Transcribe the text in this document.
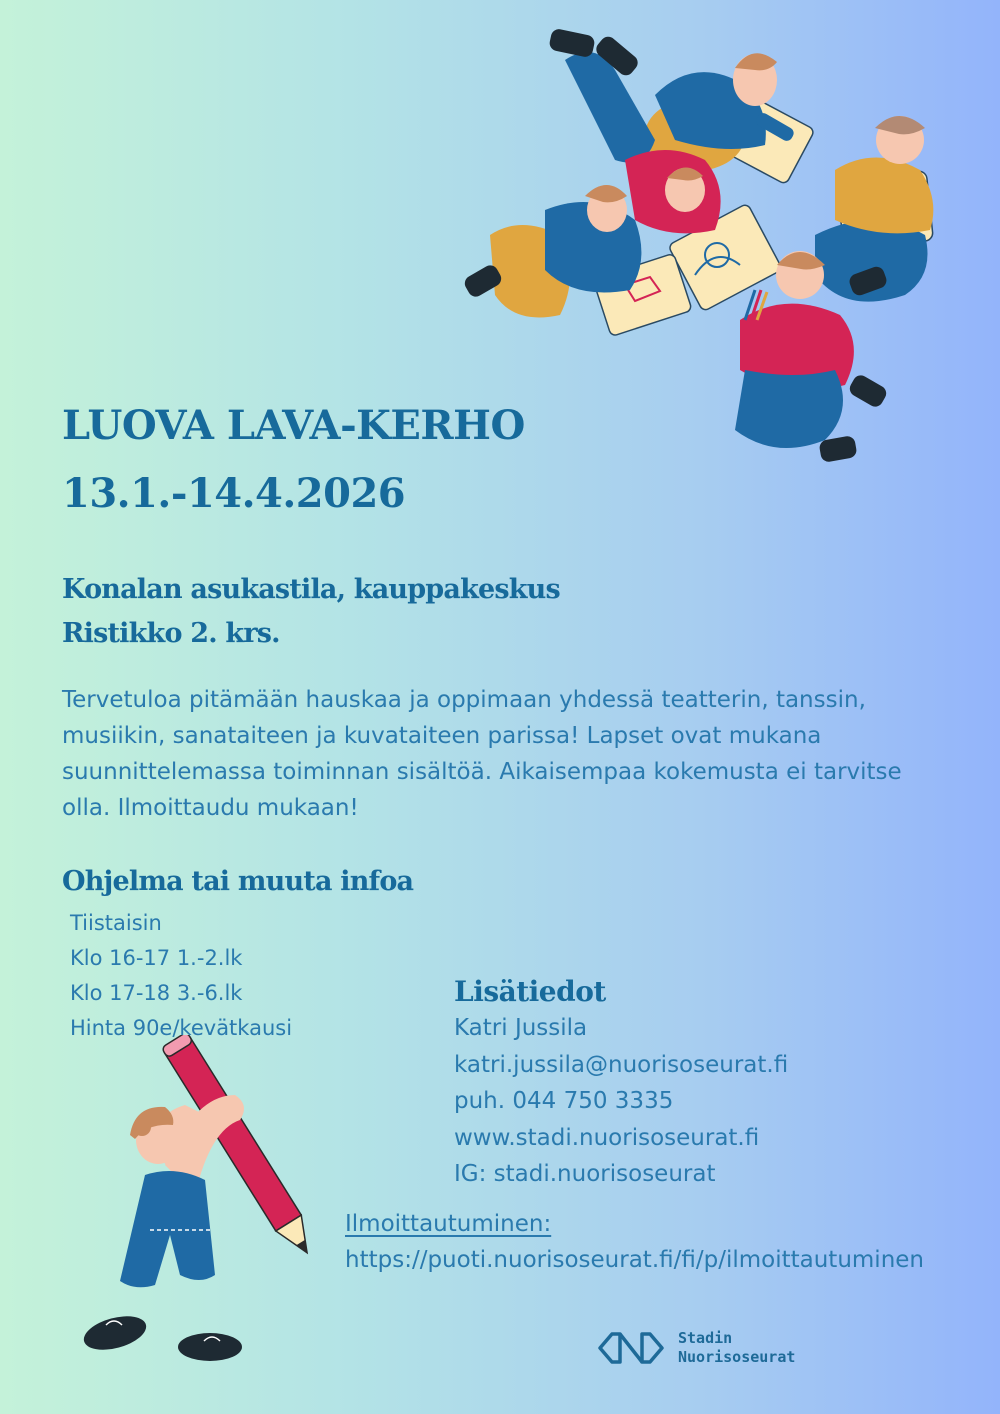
LUOVA LAVA-KERHO
13.1.-14.4.2026
Konalan asukastila, kauppakeskus
Ristikko 2. krs.

Tervetuloa pitämään hauskaa ja oppimaan yhdessä teatterin, tanssin, musiikin, sanataiteen ja kuvataiteen parissa! Lapset ovat mukana suunnittelemassa toiminnan sisältöä. Aikaisempaa kokemusta ei tarvitse olla. Ilmoittaudu mukaan!

Ohjelma tai muuta infoa
Tiistaisin
Klo 16-17 1.-2.lk
Klo 17-18 3.-6.lk
Hinta 90e/kevätkausi
Lisätiedot
Katri Jussila
katri.jussila@nuorisoseurat.fi
puh. 044 750 3335
www.stadi.nuorisoseurat.fi
IG: stadi.nuorisoseurat
Ilmoittautuminen:
https://puoti.nuorisoseurat.fi/fi/p/ilmoittautuminen
Stadin
Nuorisoseurat
